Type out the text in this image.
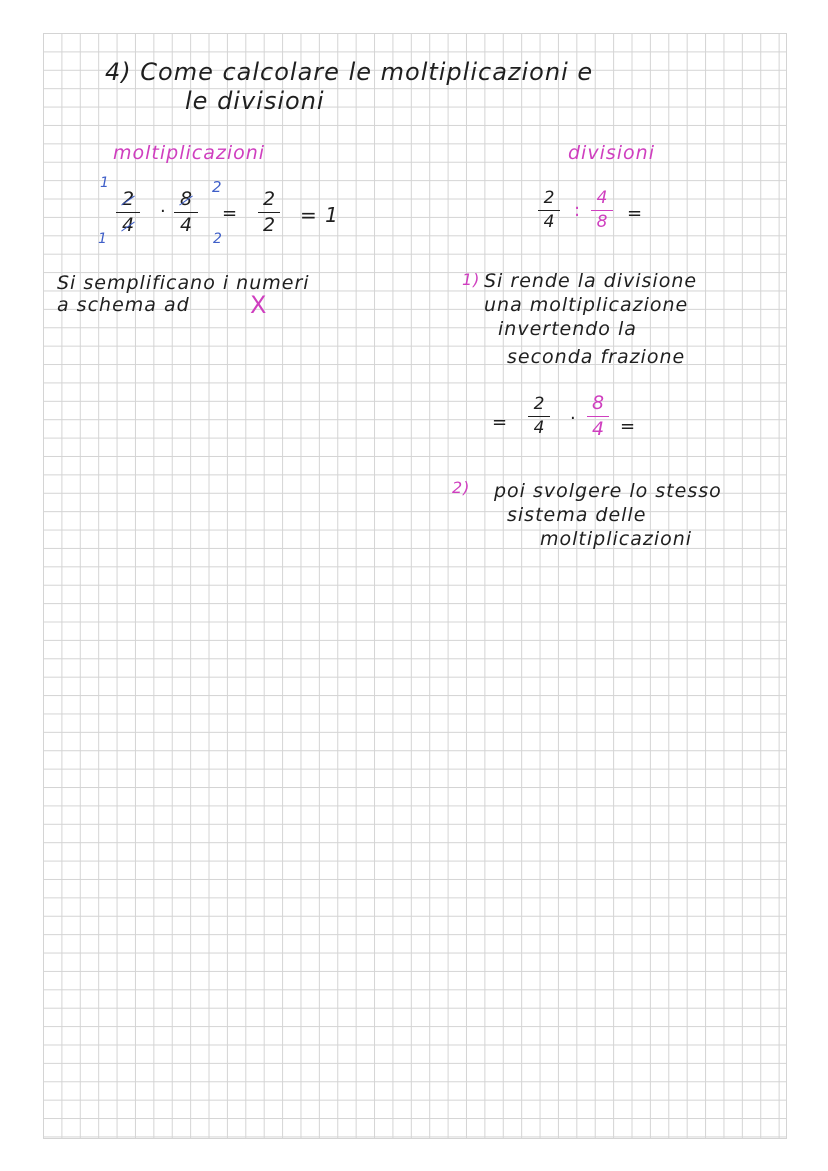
4) Come calcolare le moltiplicazioni e
le divisioni
moltiplicazioni
1	2
1	2
2
4
·
8
4
=
2
2 = 1
Si semplificano i numeri
a schema ad	X
divisioni
2
4
:
4
8 =
1) Si rende la divisione
una moltiplicazione
invertendo la
seconda frazione
=
2
4 ·
8
4 =
2) poi svolgere lo stesso
sistema delle
moltiplicazioni
